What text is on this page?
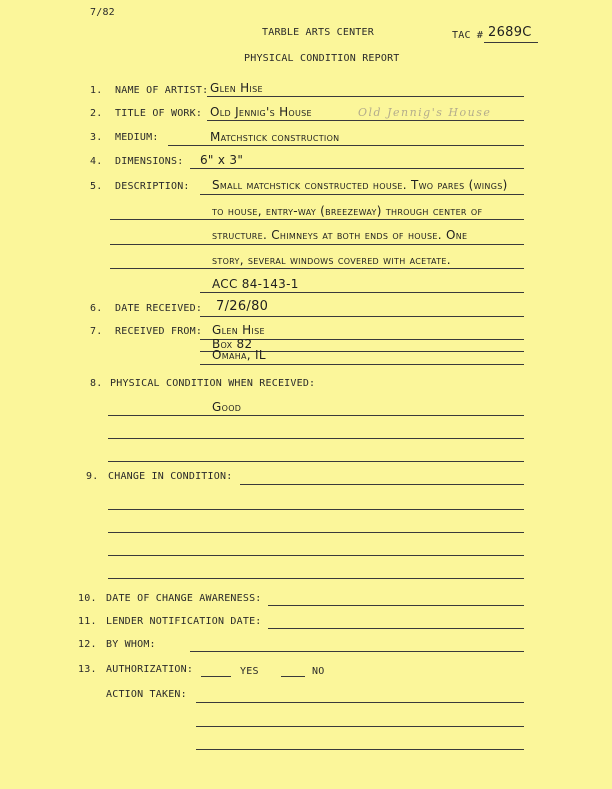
7/82
TARBLE ARTS CENTER
PHYSICAL CONDITION REPORT
TAC # 2689C
1. NAME OF ARTIST: Glen Hise
2. TITLE OF WORK: Old Jennig's House	Old Jennig's House
3. MEDIUM:	Matchstick construction
4. DIMENSIONS: 6" x 3"
5. DESCRIPTION: Small matchstick constructed house. Two pares (wings)
to house, entry-way (breezeway) through center of
structure. Chimneys at both ends of house. One
story, several windows covered with acetate.
ACC 84-143-1
6. DATE RECEIVED: 7/26/80
7. RECEIVED FROM: Glen Hise
Box 82
Omaha, IL
8. PHYSICAL CONDITION WHEN RECEIVED:
Good
9. CHANGE IN CONDITION:
10. DATE OF CHANGE AWARENESS:
11. LENDER NOTIFICATION DATE:
12. BY WHOM:
13. AUTHORIZATION:	YES	NO
ACTION TAKEN:
